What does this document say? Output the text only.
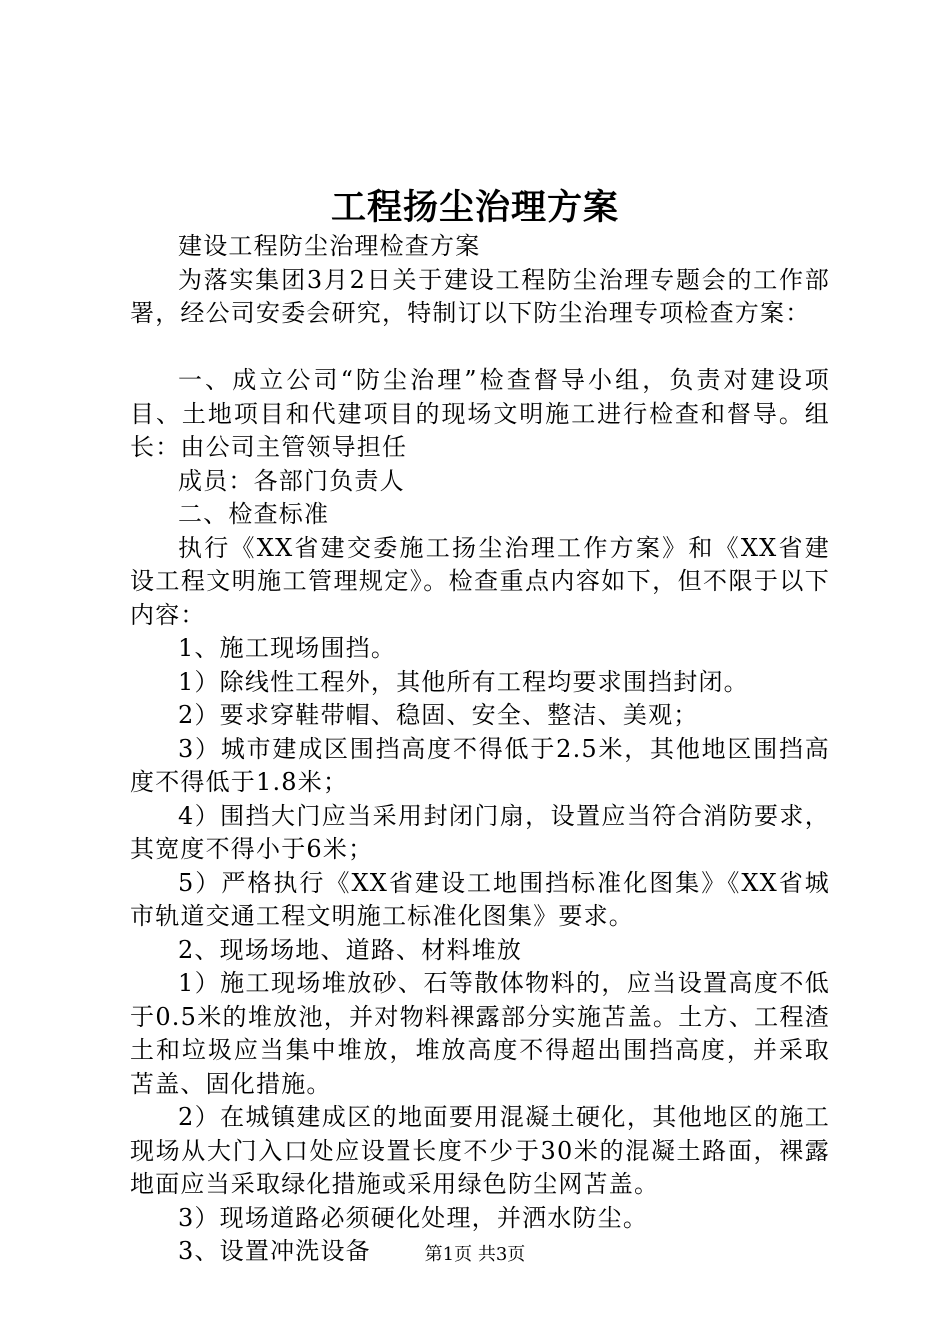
工程扬尘治理方案

建设工程防尘治理检查方案

为落实集团3月2日关于建设工程防尘治理专题会的工作部署，经公司安委会研究，特制订以下防尘治理专项检查方案：

一、成立公司“防尘治理”检查督导小组，负责对建设项目、土地项目和代建项目的现场文明施工进行检查和督导。组长：由公司主管领导担任

成员：各部门负责人

二、检查标准

执行《XX省建交委施工扬尘治理工作方案》和《XX省建设工程文明施工管理规定》。检查重点内容如下，但不限于以下内容：

1、施工现场围挡。

1）除线性工程外，其他所有工程均要求围挡封闭。

2）要求穿鞋带帽、稳固、安全、整洁、美观；

3）城市建成区围挡高度不得低于2.5米，其他地区围挡高度不得低于1.8米；

4）围挡大门应当采用封闭门扇，设置应当符合消防要求，其宽度不得小于6米；

5）严格执行《XX省建设工地围挡标准化图集》《XX省城市轨道交通工程文明施工标准化图集》要求。

2、现场场地、道路、材料堆放

1）施工现场堆放砂、石等散体物料的，应当设置高度不低于0.5米的堆放池，并对物料裸露部分实施苫盖。土方、工程渣土和垃圾应当集中堆放，堆放高度不得超出围挡高度，并采取苫盖、固化措施。

2）在城镇建成区的地面要用混凝土硬化，其他地区的施工现场从大门入口处应设置长度不少于30米的混凝土路面，裸露地面应当采取绿化措施或采用绿色防尘网苫盖。

3）现场道路必须硬化处理，并洒水防尘。

3、设置冲洗设备	第1页 共3页
